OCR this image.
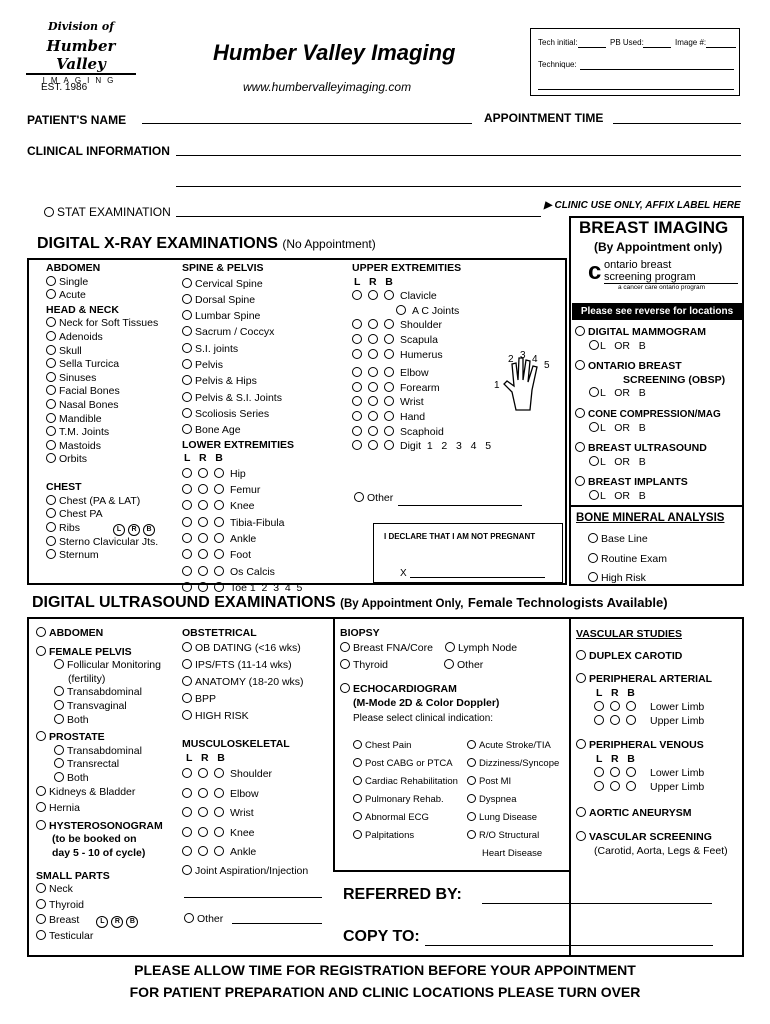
Division of
Humber Valley
IMAGING
EST. 1986
Humber Valley Imaging
www.humbervalleyimaging.com
Tech initial:	PB Used:	Image #:
Technique:
PATIENT'S NAME	APPOINTMENT TIME
CLINICAL INFORMATION
STAT EXAMINATION	▶ CLINIC USE ONLY, AFFIX LABEL HERE
DIGITAL X-RAY EXAMINATIONS (No Appointment)
ABDOMEN
Single
Acute
HEAD & NECK
Neck for Soft Tissues
Adenoids
Skull
Sella Turcica
Sinuses
Facial Bones
Nasal Bones
Mandible
T.M. Joints
Mastoids
Orbits
CHEST
Chest (PA & LAT)
Chest PA
Ribs	L R B
Sterno Clavicular Jts.
Sternum
SPINE & PELVIS
Cervical Spine
Dorsal Spine
Lumbar Spine
Sacrum / Coccyx
S.I. joints
Pelvis
Pelvis & Hips
Pelvis & S.I. Joints
Scoliosis Series
Bone Age
LOWER EXTREMITIES
L   R   B
Hip
Femur
Knee
Tibia-Fibula
Ankle
Foot
Os Calcis
Toe 1  2  3  4  5
UPPER EXTREMITIES
L   R   B
Clavicle
A C Joints
Shoulder
Scapula
Humerus
Elbow
Forearm
Wrist
Hand
Scaphoid
Digit  1   2   3   4   5
2 3 4
5
1
Other
I DECLARE THAT I AM NOT PREGNANT
X
BREAST IMAGING
(By Appointment only)
c ontario breast
screening program
a cancer care ontario program
Please see reverse for locations
DIGITAL MAMMOGRAM
L   OR   B
ONTARIO BREAST
SCREENING (OBSP)
L   OR   B
CONE COMPRESSION/MAG
L   OR   B
BREAST ULTRASOUND
L   OR   B
BREAST IMPLANTS
L   OR   B
BONE MINERAL ANALYSIS
Base Line
Routine Exam
High Risk
DIGITAL ULTRASOUND EXAMINATIONS (By Appointment Only, Female Technologists Available)
ABDOMEN
FEMALE PELVIS
Follicular Monitoring
(fertility)
Transabdominal
Transvaginal
Both
PROSTATE
Transabdominal
Transrectal
Both
Kidneys & Bladder
Hernia
HYSTEROSONOGRAM
(to be booked on
day 5 - 10 of cycle)
SMALL PARTS
Neck
Thyroid
Breast	L R B
Testicular
OBSTETRICAL
OB DATING (<16 wks)
IPS/FTS (11-14 wks)
ANATOMY (18-20 wks)
BPP
HIGH RISK
MUSCULOSKELETAL
L   R   B
Shoulder
Elbow
Wrist
Knee
Ankle
Joint Aspiration/Injection
Other
BIOPSY
Breast FNA/Core Lymph Node
Thyroid	Other
ECHOCARDIOGRAM
(M-Mode 2D & Color Doppler)
Please select clinical indication:
Chest Pain
Post CABG or PTCA
Cardiac Rehabilitation
Pulmonary Rehab.
Abnormal ECG
Palpitations
Acute Stroke/TIA
Dizziness/Syncope
Post MI
Dyspnea
Lung Disease
R/O Structural
Heart Disease
REFERRED BY:
COPY TO:
VASCULAR STUDIES
DUPLEX CAROTID
PERIPHERAL ARTERIAL
L   R   B
Lower Limb
Upper Limb
PERIPHERAL VENOUS
L   R   B
Lower Limb
Upper Limb
AORTIC ANEURYSM
VASCULAR SCREENING
(Carotid, Aorta, Legs & Feet)
PLEASE ALLOW TIME FOR REGISTRATION BEFORE YOUR APPOINTMENT
FOR PATIENT PREPARATION AND CLINIC LOCATIONS PLEASE TURN OVER
